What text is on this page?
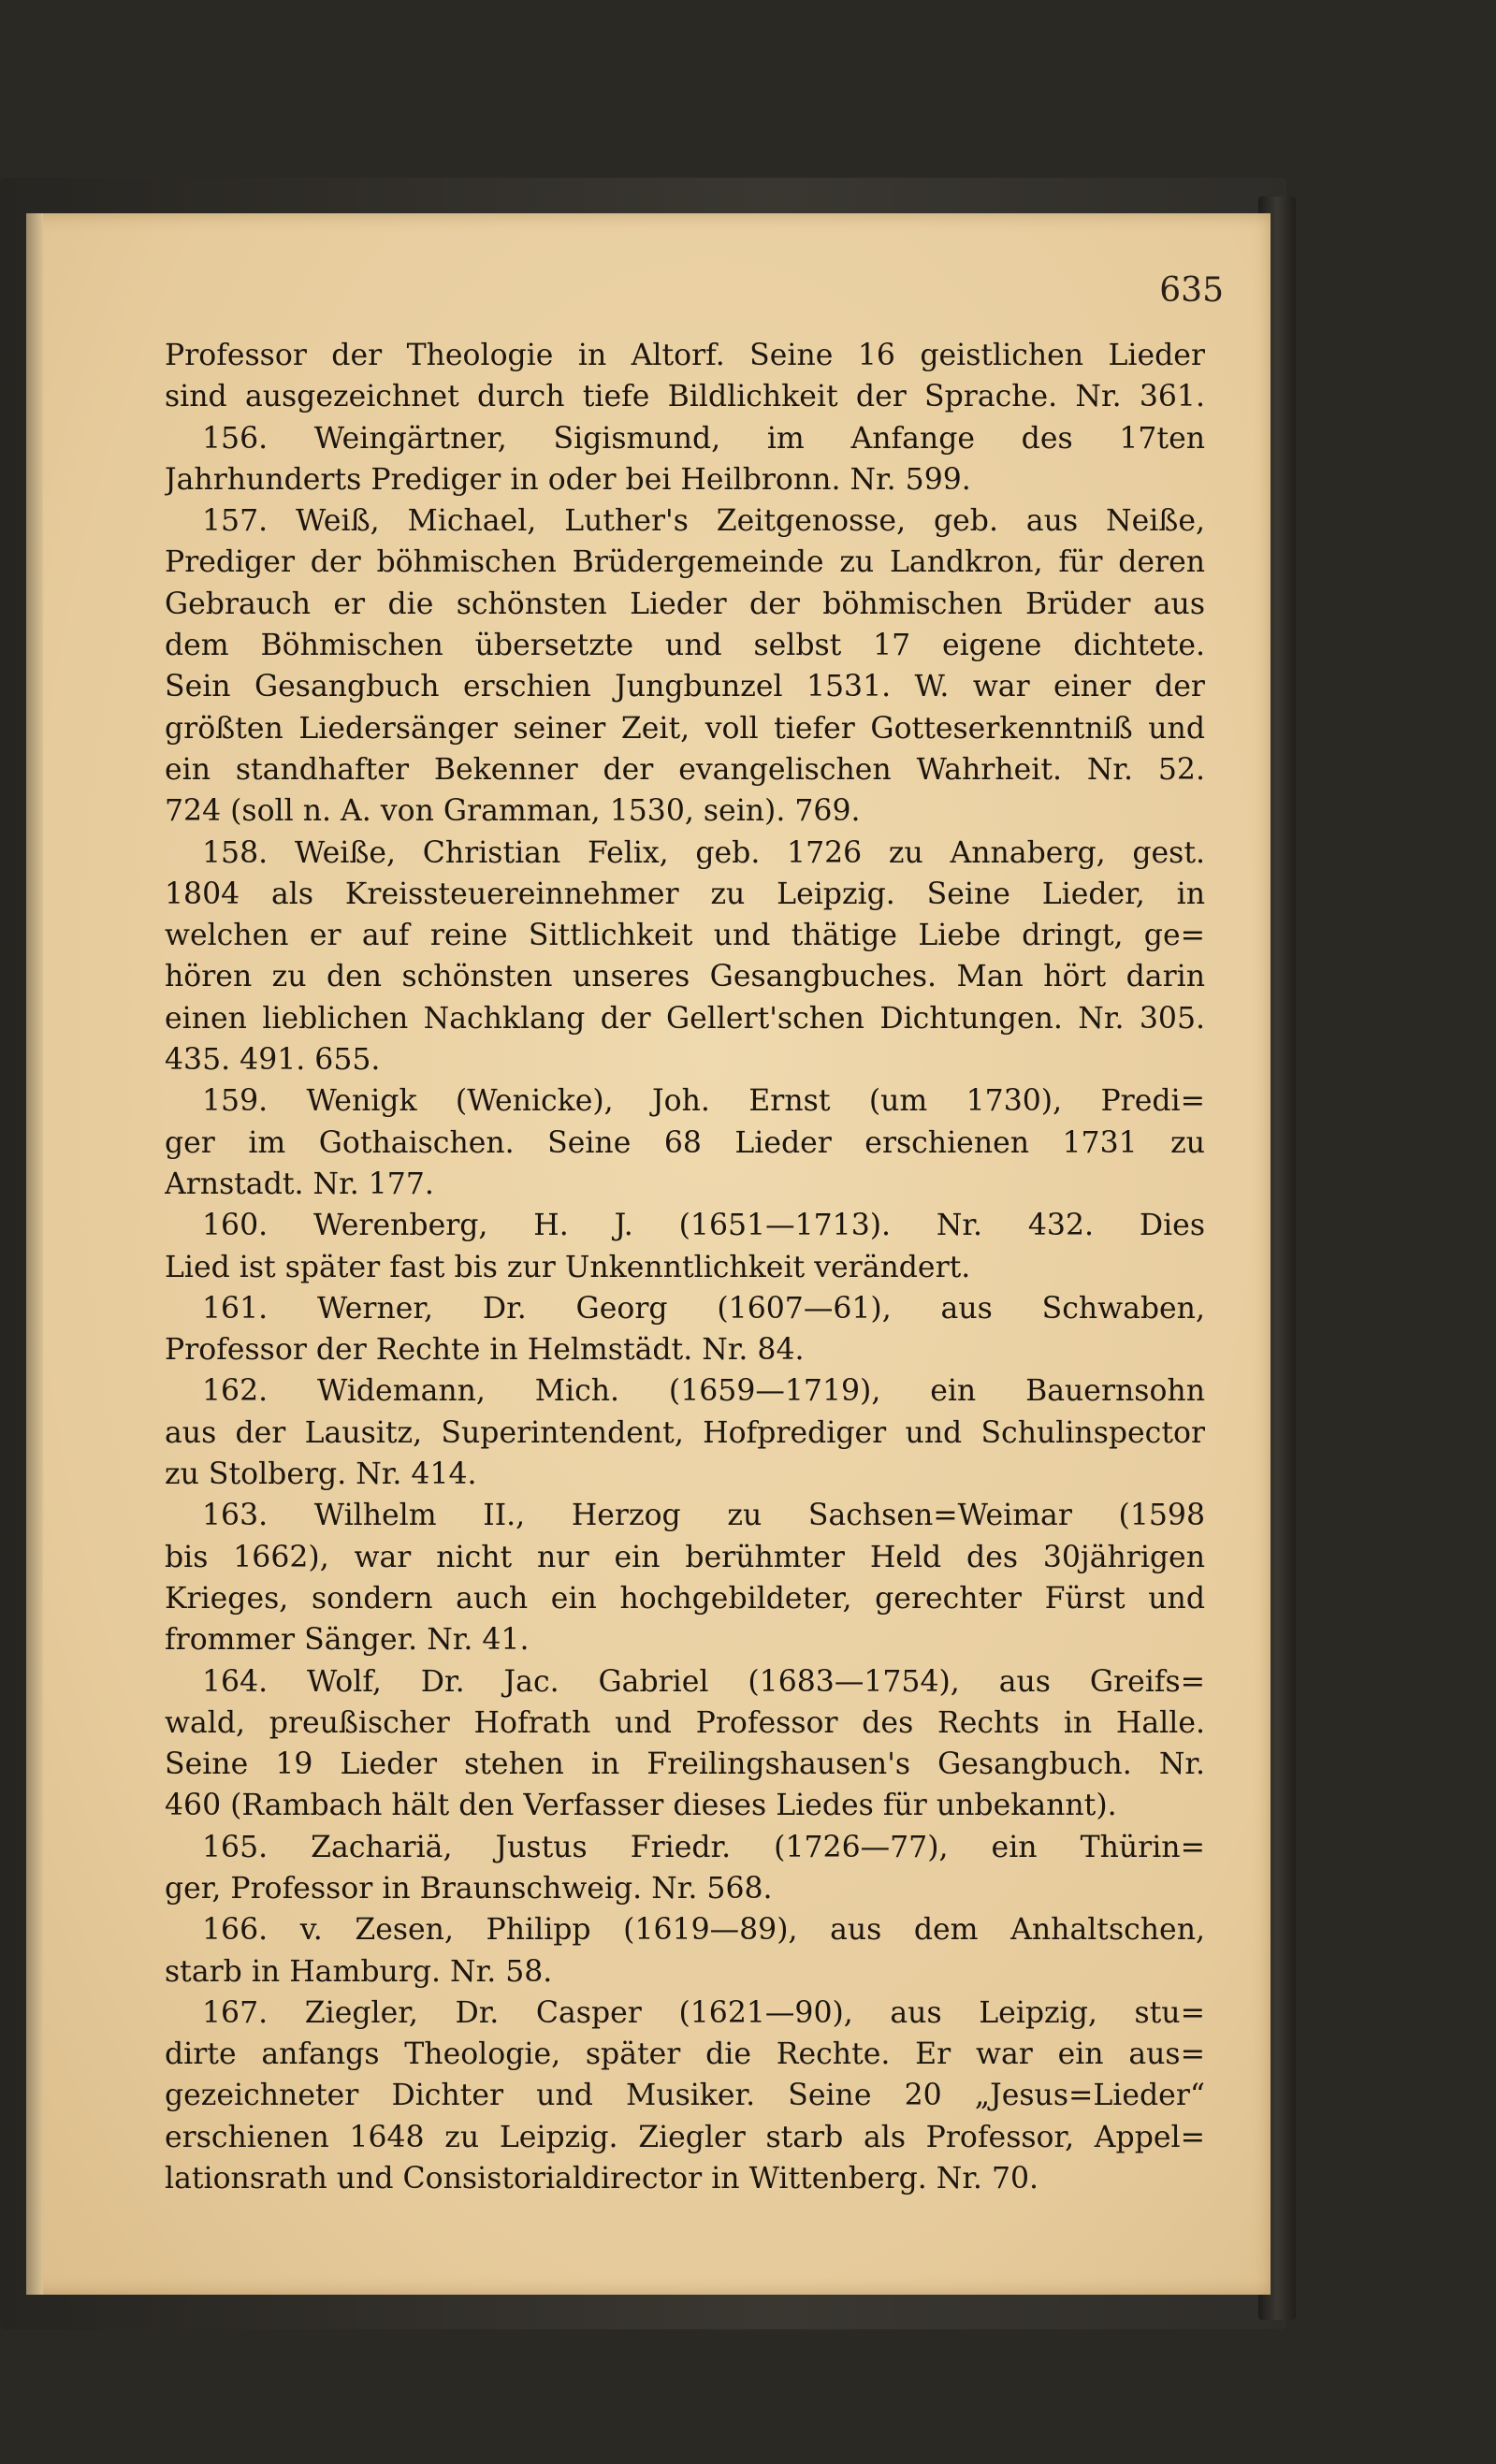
635
Professor der Theologie in Altorf. Seine 16 geistlichen Lieder
sind ausgezeichnet durch tiefe Bildlichkeit der Sprache. Nr. 361.
156. Weingärtner, Sigismund, im Anfange des 17ten
Jahrhunderts Prediger in oder bei Heilbronn. Nr. 599.
157. Weiß, Michael, Luther's Zeitgenosse, geb. aus Neiße,
Prediger der böhmischen Brüdergemeinde zu Landkron, für deren
Gebrauch er die schönsten Lieder der böhmischen Brüder aus
dem Böhmischen übersetzte und selbst 17 eigene dichtete.
Sein Gesangbuch erschien Jungbunzel 1531. W. war einer der
größten Liedersänger seiner Zeit, voll tiefer Gotteserkenntniß und
ein standhafter Bekenner der evangelischen Wahrheit. Nr. 52.
724 (soll n. A. von Gramman, 1530, sein). 769.
158. Weiße, Christian Felix, geb. 1726 zu Annaberg, gest.
1804 als Kreissteuereinnehmer zu Leipzig. Seine Lieder, in
welchen er auf reine Sittlichkeit und thätige Liebe dringt, ge=
hören zu den schönsten unseres Gesangbuches. Man hört darin
einen lieblichen Nachklang der Gellert'schen Dichtungen. Nr. 305.
435. 491. 655.
159. Wenigk (Wenicke), Joh. Ernst (um 1730), Predi=
ger im Gothaischen. Seine 68 Lieder erschienen 1731 zu
Arnstadt. Nr. 177.
160. Werenberg, H. J. (1651—1713). Nr. 432. Dies
Lied ist später fast bis zur Unkenntlichkeit verändert.
161. Werner, Dr. Georg (1607—61), aus Schwaben,
Professor der Rechte in Helmstädt. Nr. 84.
162. Widemann, Mich. (1659—1719), ein Bauernsohn
aus der Lausitz, Superintendent, Hofprediger und Schulinspector
zu Stolberg. Nr. 414.
163. Wilhelm II., Herzog zu Sachsen=Weimar (1598
bis 1662), war nicht nur ein berühmter Held des 30jährigen
Krieges, sondern auch ein hochgebildeter, gerechter Fürst und
frommer Sänger. Nr. 41.
164. Wolf, Dr. Jac. Gabriel (1683—1754), aus Greifs=
wald, preußischer Hofrath und Professor des Rechts in Halle.
Seine 19 Lieder stehen in Freilingshausen's Gesangbuch. Nr.
460 (Rambach hält den Verfasser dieses Liedes für unbekannt).
165. Zachariä, Justus Friedr. (1726—77), ein Thürin=
ger, Professor in Braunschweig. Nr. 568.
166. v. Zesen, Philipp (1619—89), aus dem Anhaltschen,
starb in Hamburg. Nr. 58.
167. Ziegler, Dr. Casper (1621—90), aus Leipzig, stu=
dirte anfangs Theologie, später die Rechte. Er war ein aus=
gezeichneter Dichter und Musiker. Seine 20 „Jesus=Lieder“
erschienen 1648 zu Leipzig. Ziegler starb als Professor, Appel=
lationsrath und Consistorialdirector in Wittenberg. Nr. 70.
